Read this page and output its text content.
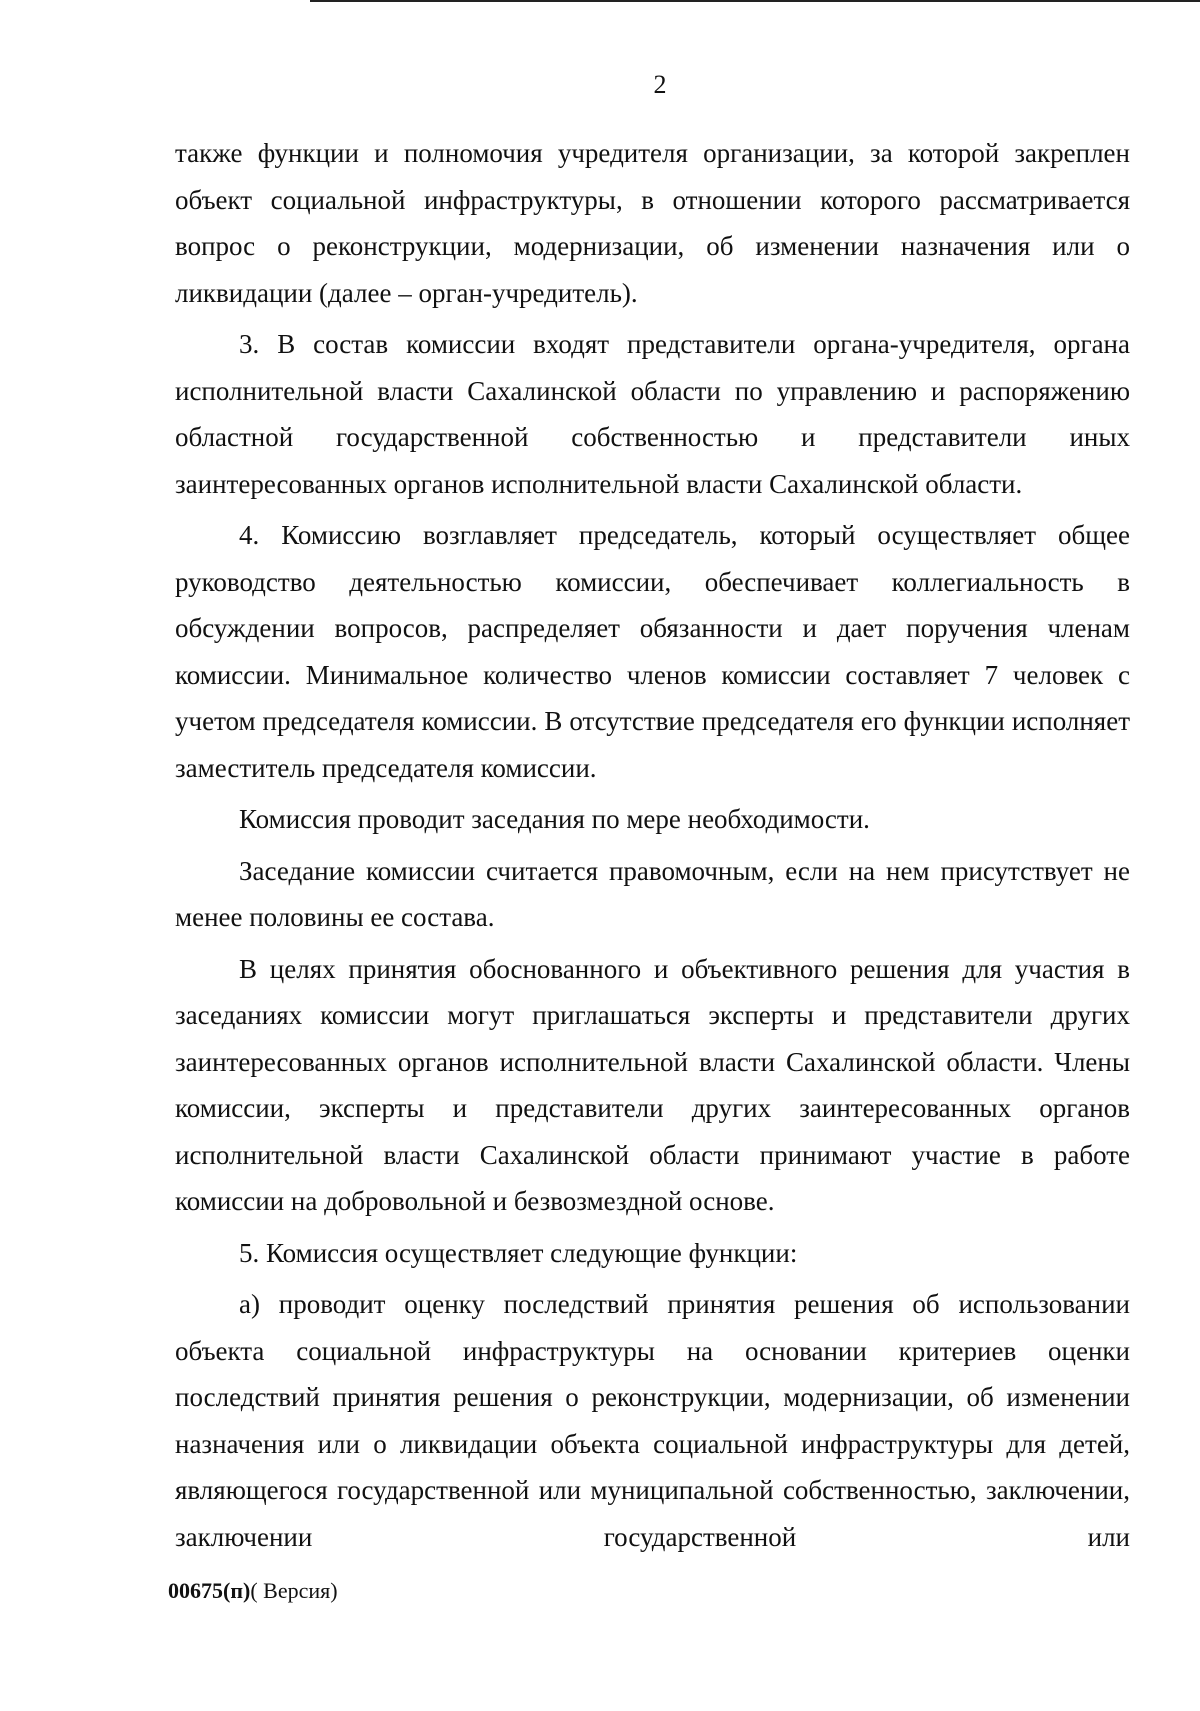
2

также функции и полномочия учредителя организации, за которой закреплен объект социальной инфраструктуры, в отношении которого рассматривается вопрос о реконструкции, модернизации, об изменении назначения или о ликвидации (далее – орган-учредитель).

3. В состав комиссии входят представители органа-учредителя, органа исполнительной власти Сахалинской области по управлению и распоряжению областной государственной собственностью и представители иных заинтересованных органов исполнительной власти Сахалинской области.

4. Комиссию возглавляет председатель, который осуществляет общее руководство деятельностью комиссии, обеспечивает коллегиальность в обсуждении вопросов, распределяет обязанности и дает поручения членам комиссии. Минимальное количество членов комиссии составляет 7 человек с учетом председателя комиссии. В отсутствие председателя его функции исполняет заместитель председателя комиссии.

Комиссия проводит заседания по мере необходимости.

Заседание комиссии считается правомочным, если на нем присутствует не менее половины ее состава.

В целях принятия обоснованного и объективного решения для участия в заседаниях комиссии могут приглашаться эксперты и представители других заинтересованных органов исполнительной власти Сахалинской области. Члены комиссии, эксперты и представители других заинтересованных органов исполнительной власти Сахалинской области принимают участие в работе комиссии на добровольной и безвозмездной основе.

5. Комиссия осуществляет следующие функции:

а) проводит оценку последствий принятия решения об использовании объекта социальной инфраструктуры на основании критериев оценки последствий принятия решения о реконструкции, модернизации, об изменении назначения или о ликвидации объекта социальной инфраструктуры для детей, являющегося государственной или муниципальной собственностью, заключении, заключении государственной или

00675(п)( Версия)
